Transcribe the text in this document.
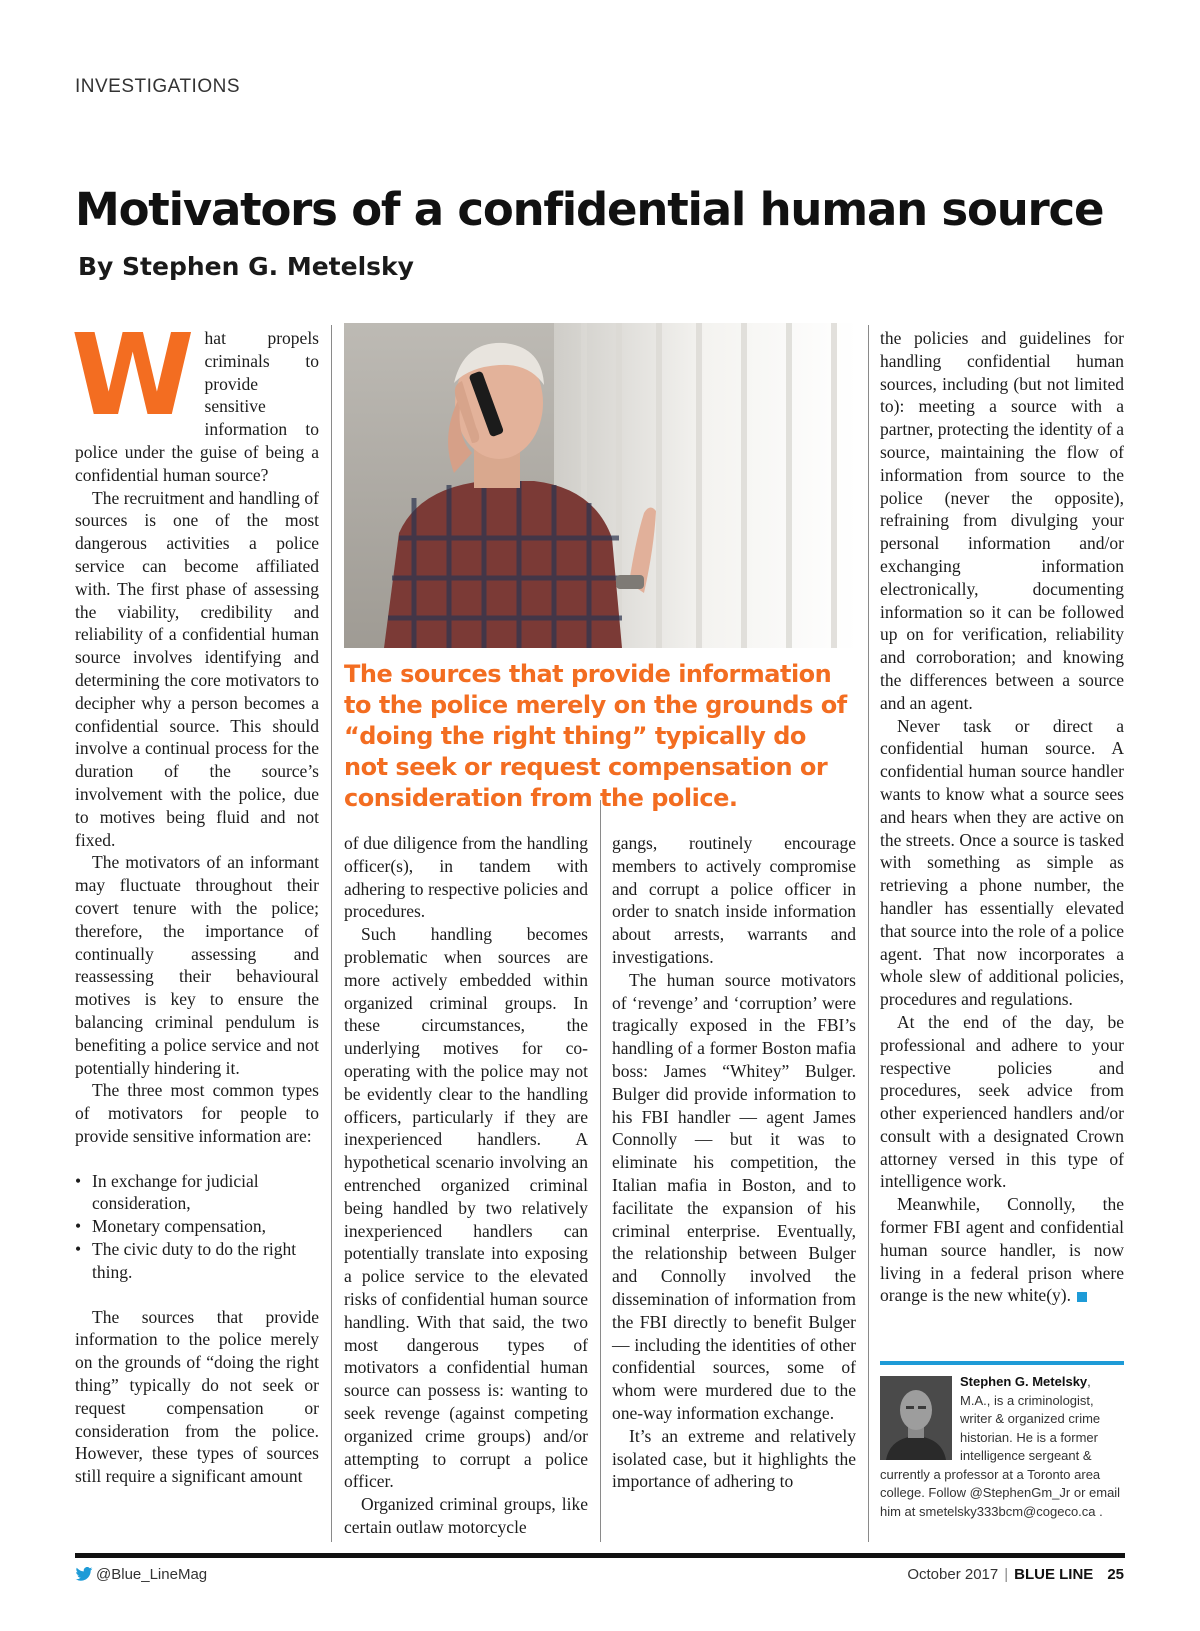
INVESTIGATIONS
Motivators of a confidential human source
By Stephen G. Metelsky
W hat propels criminals to provide sensitive information to police under the guise of being a confidential human source?

The recruitment and handling of sources is one of the most dangerous activities a police service can become affiliated with. The first phase of assessing the viability, credibility and reliability of a confidential human source involves identifying and determining the core motivators to decipher why a person becomes a confidential source. This should involve a continual process for the duration of the source’s involvement with the police, due to motives being fluid and not fixed.

The motivators of an informant may fluctuate throughout their covert tenure with the police; therefore, the importance of continually assessing and reassessing their behavioural motives is key to ensure the balancing criminal pendulum is benefiting a police service and not potentially hindering it.

The three most common types of motivators for people to provide sensitive information are:

• In exchange for judicial consideration,
• Monetary compensation,
• The civic duty to do the right thing.

The sources that provide information to the police merely on the grounds of “doing the right thing” typically do not seek or request compensation or consideration from the police. However, these types of sources still require a significant amount

The sources that provide information to the police merely on the grounds of “doing the right thing” typically do not seek or request compensation or consideration from the police.

of due diligence from the handling officer(s), in tandem with adhering to respective policies and procedures.

Such handling becomes problematic when sources are more actively embedded within organized criminal groups. In these circumstances, the underlying motives for co-operating with the police may not be evidently clear to the handling officers, particularly if they are inexperienced handlers. A hypothetical scenario involving an entrenched organized criminal being handled by two relatively inexperienced handlers can potentially translate into exposing a police service to the elevated risks of confidential human source handling. With that said, the two most dangerous types of motivators a confidential human source can possess is: wanting to seek revenge (against competing organized crime groups) and/or attempting to corrupt a police officer.

Organized criminal groups, like certain outlaw motorcycle

gangs, routinely encourage members to actively compromise and corrupt a police officer in order to snatch inside information about arrests, warrants and investigations.

The human source motivators of ‘revenge’ and ‘corruption’ were tragically exposed in the FBI’s handling of a former Boston mafia boss: James “Whitey” Bulger. Bulger did provide information to his FBI handler — agent James Connolly — but it was to eliminate his competition, the Italian mafia in Boston, and to facilitate the expansion of his criminal enterprise. Eventually, the relationship between Bulger and Connolly involved the dissemination of information from the FBI directly to benefit Bulger — including the identities of other confidential sources, some of whom were murdered due to the one-way information exchange.

It’s an extreme and relatively isolated case, but it highlights the importance of adhering to

the policies and guidelines for handling confidential human sources, including (but not limited to): meeting a source with a partner, protecting the identity of a source, maintaining the flow of information from source to the police (never the opposite), refraining from divulging your personal information and/or exchanging information electronically, documenting information so it can be followed up on for verification, reliability and corroboration; and knowing the differences between a source and an agent.

Never task or direct a confidential human source. A confidential human source handler wants to know what a source sees and hears when they are active on the streets. Once a source is tasked with something as simple as retrieving a phone number, the handler has essentially elevated that source into the role of a police agent. That now incorporates a whole slew of additional policies, procedures and regulations.

At the end of the day, be professional and adhere to your respective policies and procedures, seek advice from other experienced handlers and/or consult with a designated Crown attorney versed in this type of intelligence work.

Meanwhile, Connolly, the former FBI agent and confidential human source handler, is now living in a federal prison where orange is the new white(y).

Stephen G. Metelsky, M.A., is a criminologist, writer & organized crime historian. He is a former intelligence sergeant & currently a professor at a Toronto area college. Follow @StephenGm_Jr or email him at smetelsky333bcm@cogeco.ca .
@Blue_LineMag	October 2017 | BLUE LINE 25
